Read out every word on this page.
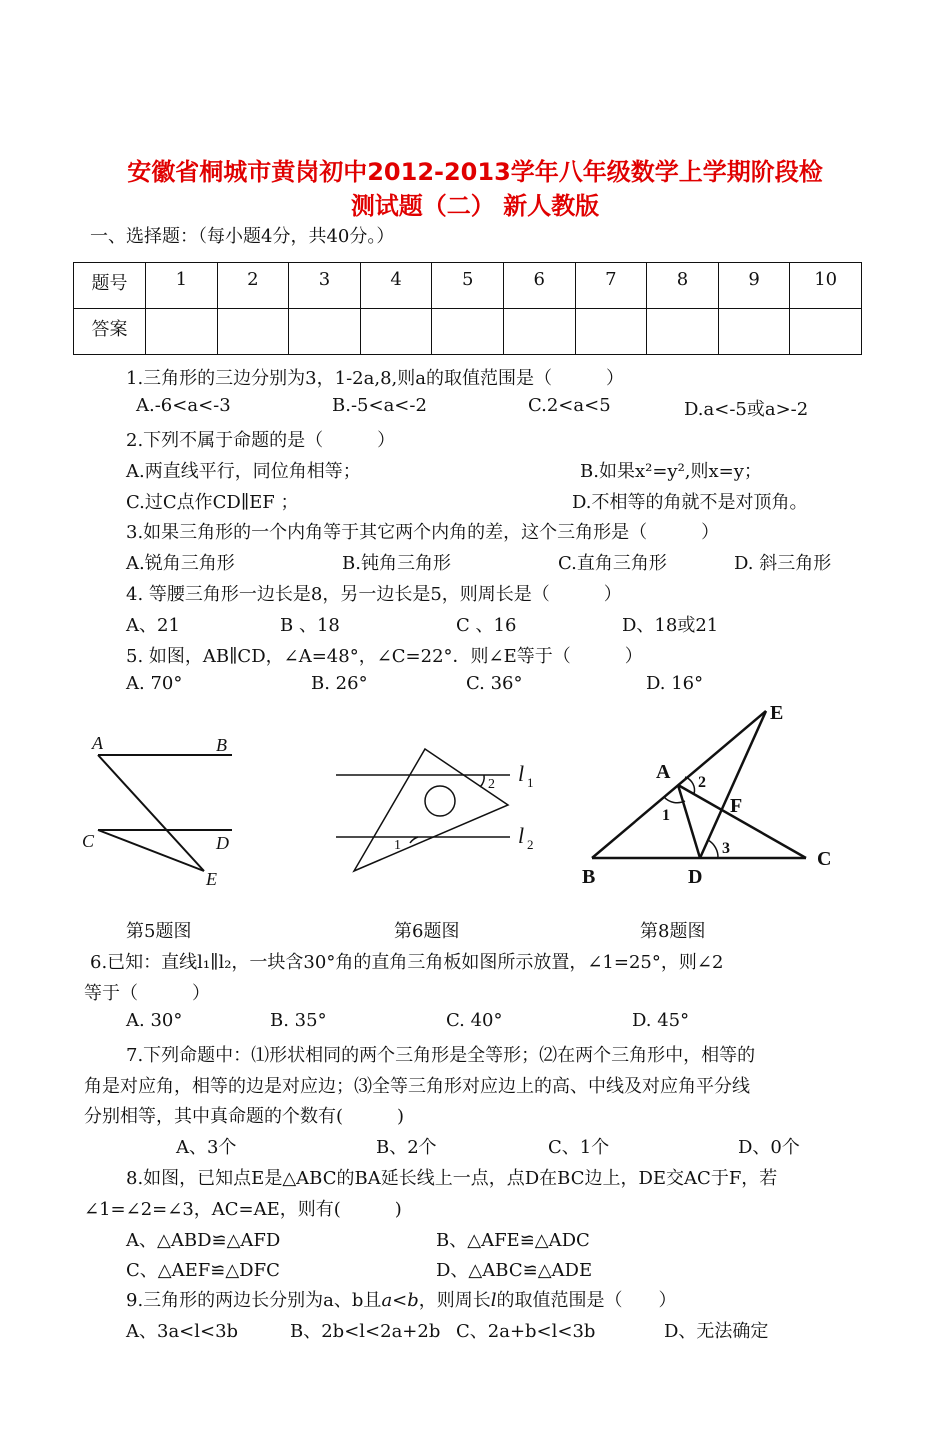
安徽省桐城市黄岗初中2012-2013学年八年级数学上学期阶段检
测试题（二） 新人教版
一、选择题：（每小题4分，共40分。）
题号	1	2	3	4	5	6	7	8	9	10
答案										
1.三角形的三边分别为3，1-2a,8,则a的取值范围是（　　　）
A.-6<a<-3	B.-5<a<-2	C.2<a<5	D.a<-5或a>-2
2.下列不属于命题的是（　　　）
A.两直线平行，同位角相等；	B.如果x²=y²,则x=y；
C.过C点作CD∥EF ；	D.不相等的角就不是对顶角。
3.如果三角形的一个内角等于其它两个内角的差，这个三角形是（　　　）
A.锐角三角形	B.钝角三角形	C.直角三角形	D. 斜三角形
4. 等腰三角形一边长是8，另一边长是5，则周长是（　　　）
A、21	B 、18	C 、16	D、18或21
5. 如图，AB∥CD，∠A=48°，∠C=22°．则∠E等于（　　　）
A. 70°	B. 26°	C. 36°	D. 16°
A	B
C	D
E
1
2 l 1
l 2
E
A 2
F
1
3	C
B	D
第5题图	第6题图	第8题图
6.已知：直线l₁∥l₂，一块含30°角的直角三角板如图所示放置，∠1=25°，则∠2
等于（　　　）
A. 30°	B. 35°	C. 40°	D. 45°
7.下列命题中：⑴形状相同的两个三角形是全等形；⑵在两个三角形中，相等的
角是对应角，相等的边是对应边；⑶全等三角形对应边上的高、中线及对应角平分线
分别相等，其中真命题的个数有(　　　)
A、3个	B、2个	C、1个	D、0个
8.如图，已知点E是△ABC的BA延长线上一点，点D在BC边上，DE交AC于F，若
∠1=∠2=∠3，AC=AE，则有(　　　)
A、△ABD≌△AFD	B、△AFE≌△ADC
C、△AEF≌△DFC	D、△ABC≌△ADE
9.三角形的两边长分别为a、b且a<b，则周长l的取值范围是（　　）
A、3a<l<3b	B、2b<l<2a+2b C、2a+b<l<3b	D、无法确定
